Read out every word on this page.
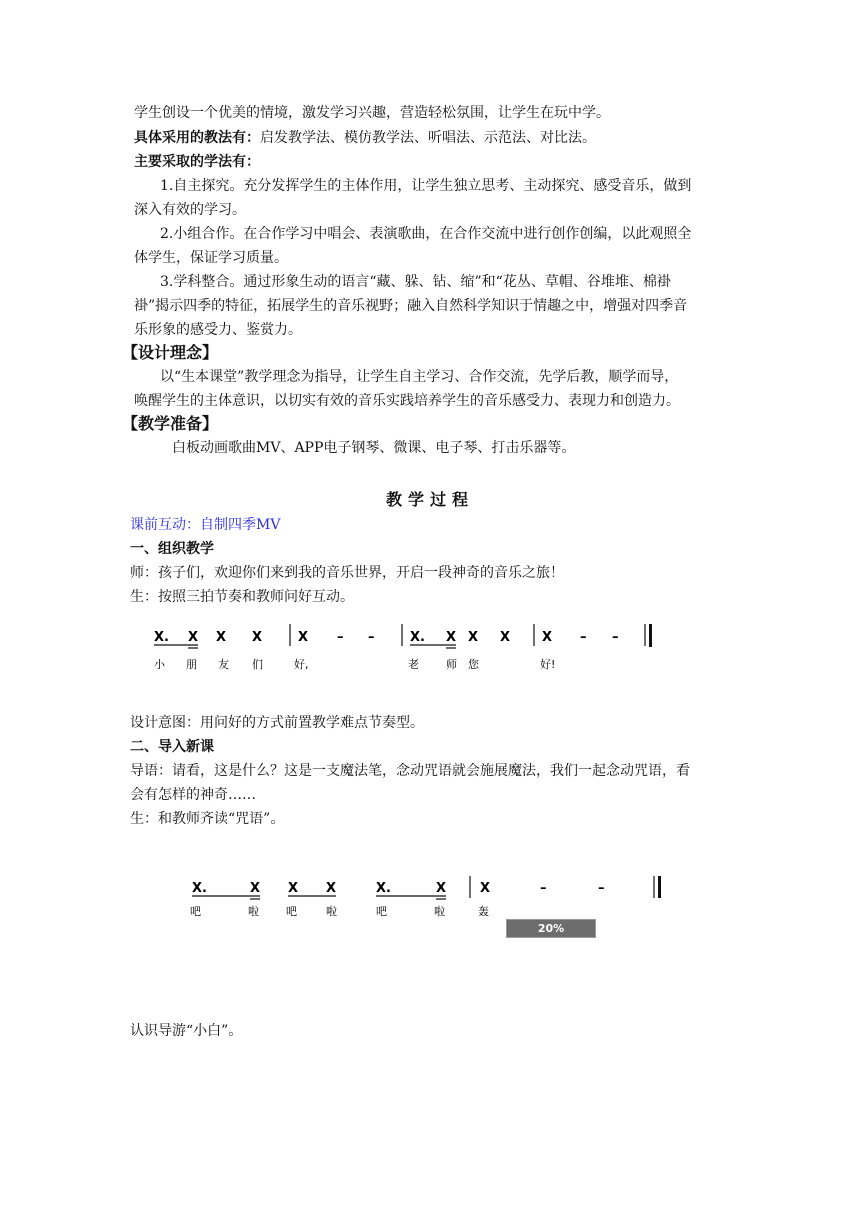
学生创设一个优美的情境，激发学习兴趣，营造轻松氛围，让学生在玩中学。
具体采用的教法有：启发教学法、模仿教学法、听唱法、示范法、对比法。
主要采取的学法有：
1.自主探究。充分发挥学生的主体作用，让学生独立思考、主动探究、感受音乐，做到
深入有效的学习。
2.小组合作。在合作学习中唱会、表演歌曲，在合作交流中进行创作创编，以此观照全
体学生，保证学习质量。
3.学科整合。通过形象生动的语言“藏、躲、钻、缩”和“花丛、草帽、谷堆堆、棉褂
褂”揭示四季的特征，拓展学生的音乐视野；融入自然科学知识于情趣之中，增强对四季音
乐形象的感受力、鉴赏力。
【设计理念】
以“生本课堂”教学理念为指导，让学生自主学习、合作交流，先学后教，顺学而导，
唤醒学生的主体意识，以切实有效的音乐实践培养学生的音乐感受力、表现力和创造力。
【教学准备】
白板动画歌曲MV、APP电子钢琴、微课、电子琴、打击乐器等。
教学过程
课前互动：自制四季MV
一、组织教学
师：孩子们，欢迎你们来到我的音乐世界，开启一段神奇的音乐之旅！
生：按照三拍节奏和教师问好互动。
X. X X X	X – –	X. X X X X – –
小 朋 友 们	好,	老 师 您	好!
设计意图：用问好的方式前置教学难点节奏型。
二、导入新课
导语：请看，这是什么？这是一支魔法笔，念动咒语就会施展魔法，我们一起念动咒语，看
会有怎样的神奇……
生：和教师齐读“咒语”。
X.	X X X	X.	X	X	–	–
吧	啦 吧	啦	吧	啦	轰
20%
认识导游“小白”。
